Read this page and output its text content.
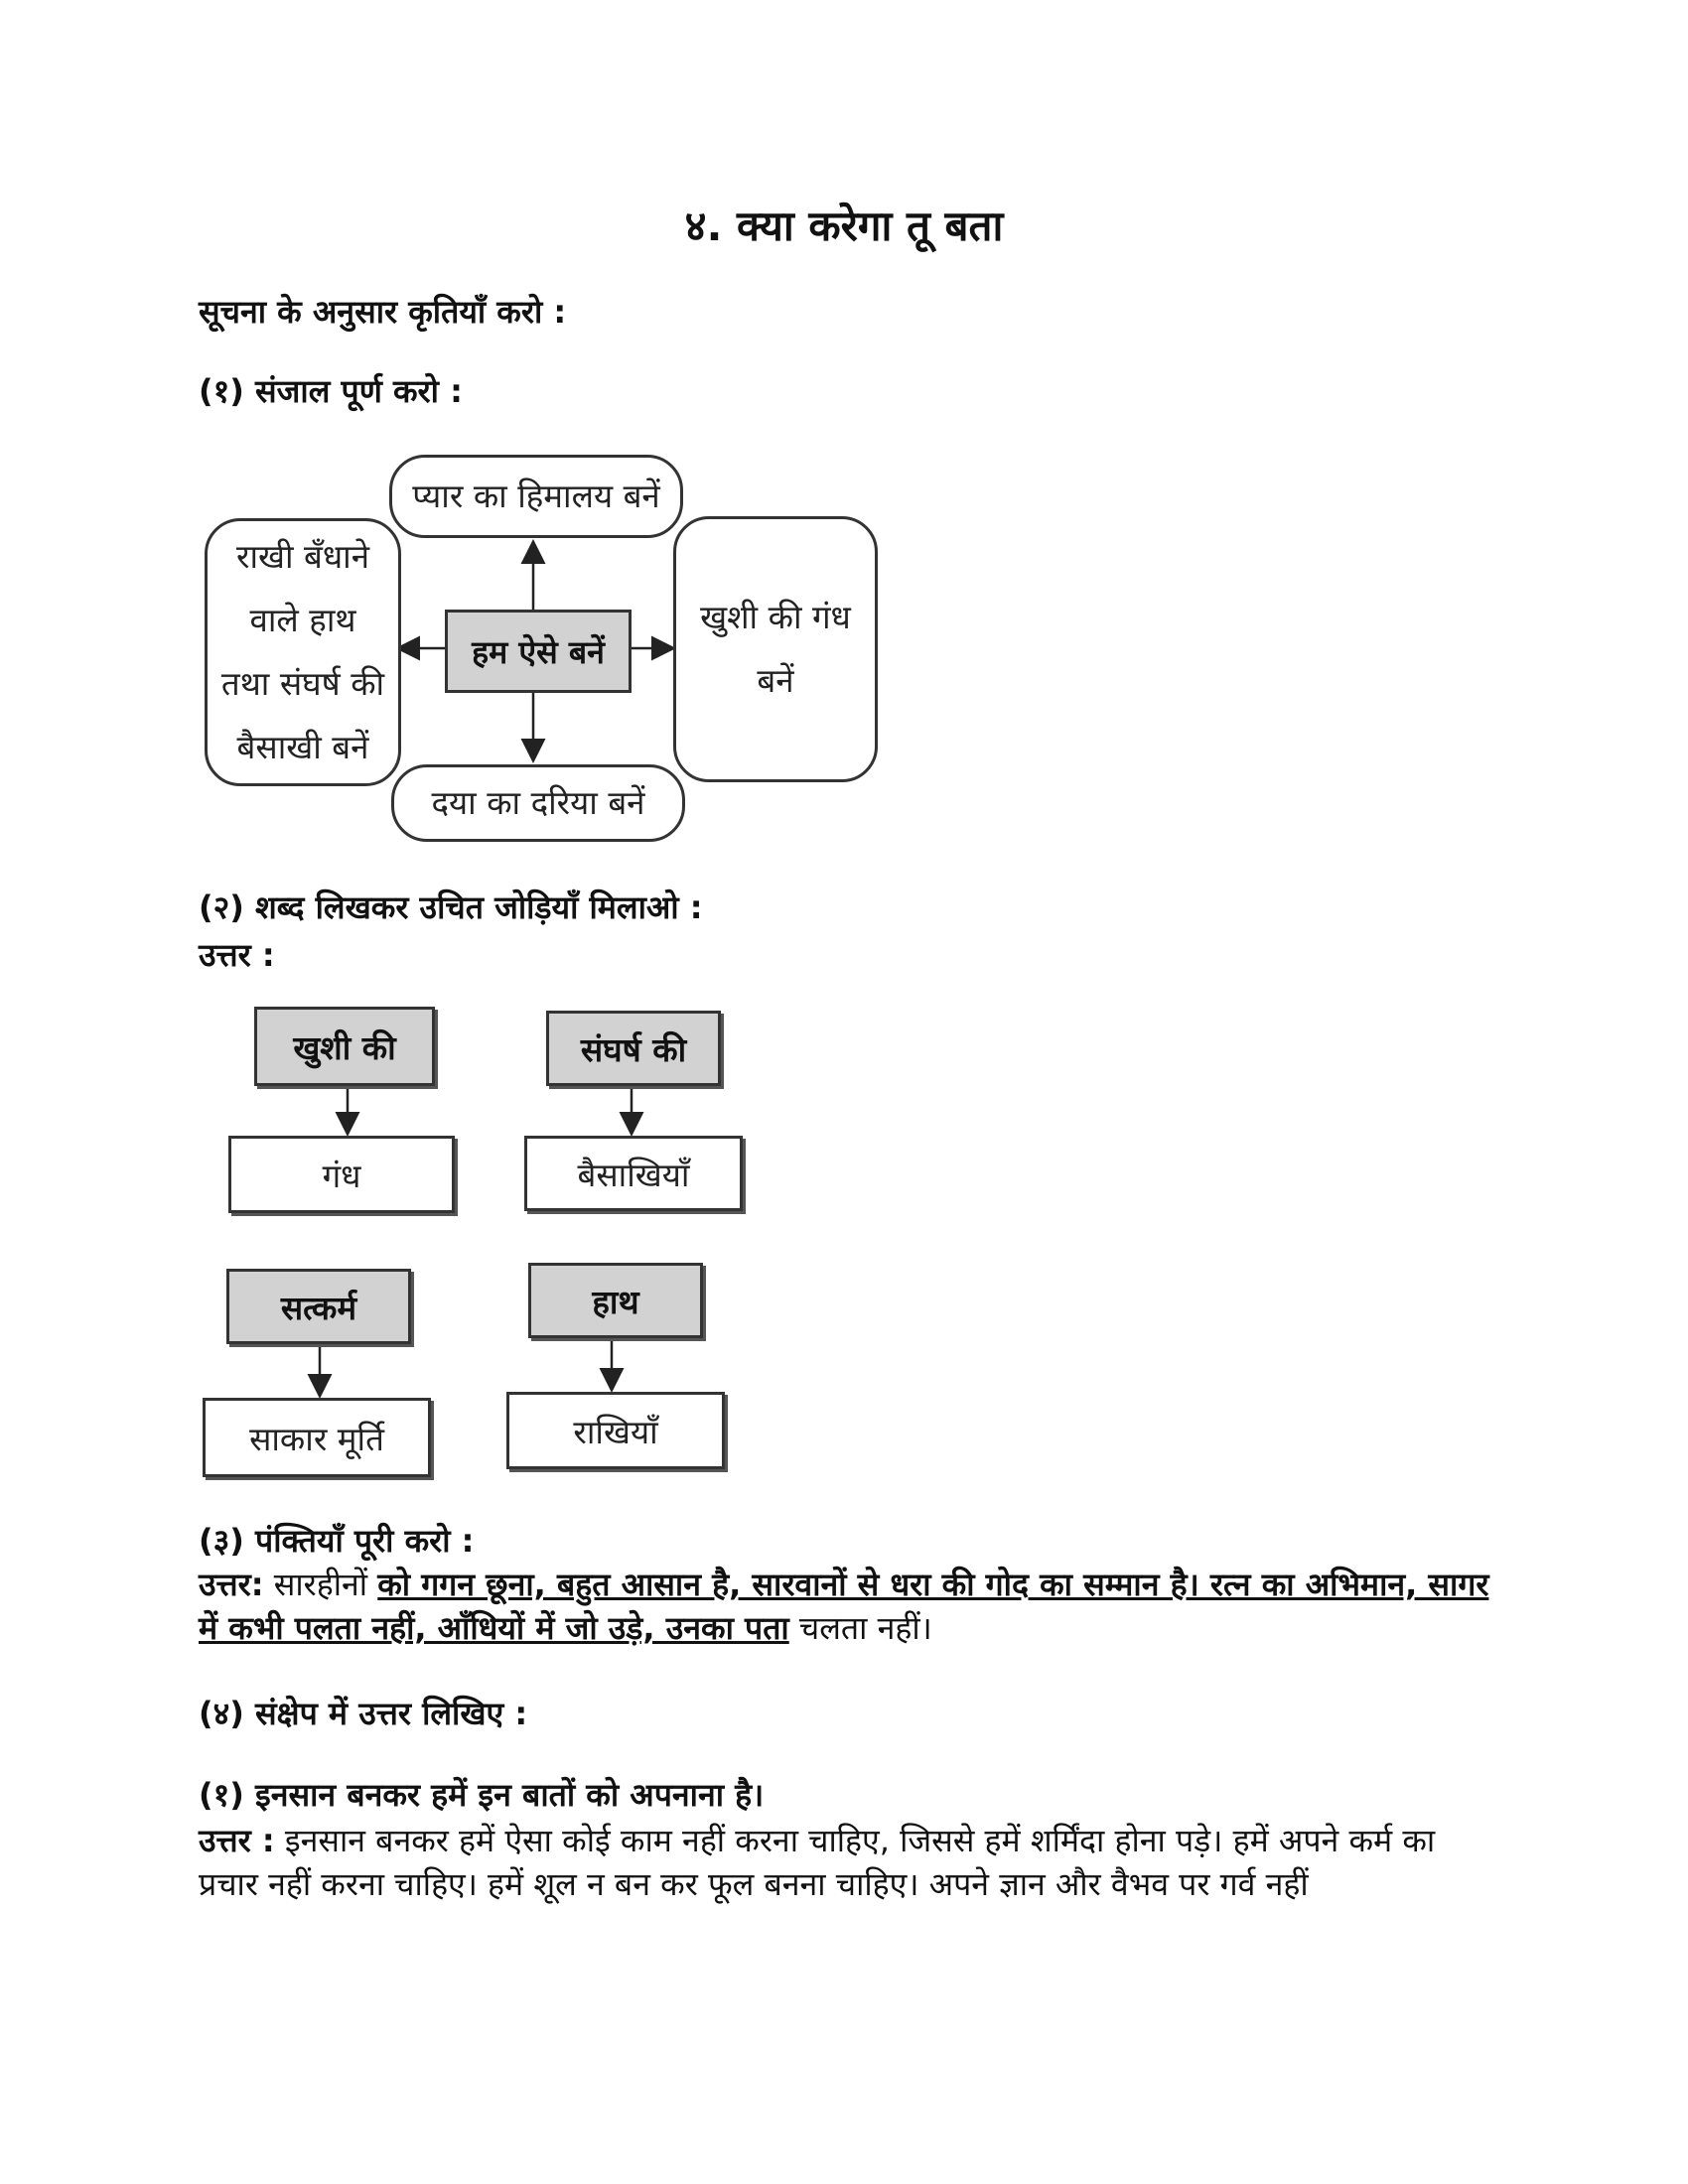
४. क्या करेगा तू बता
सूचना के अनुसार कृतियाँ करो :
(१) संजाल पूर्ण करो :
हम ऐसे बनें
प्यार का हिमालय बनें
राखी बँधाने
वाले हाथ
तथा संघर्ष की
बैसाखी बनें
खुशी की गंध
बनें
दया का दरिया बनें
(२) शब्द लिखकर उचित जोड़ियाँ मिलाओ :
उत्तर :
खुशी की
गंध
संघर्ष की
बैसाखियाँ
सत्कर्म
साकार मूर्ति
हाथ
राखियाँ
(३) पंक्तियाँ पूरी करो :
उत्तर: सारहीनों को गगन छूना, बहुत आसान है, सारवानों से धरा की गोद का सम्मान है। रत्न का अभिमान, सागर में कभी पलता नहीं, आँधियों में जो उड़े, उनका पता चलता नहीं।
(४) संक्षेप में उत्तर लिखिए :
(१) इनसान बनकर हमें इन बातों को अपनाना है।
उत्तर : इनसान बनकर हमें ऐसा कोई काम नहीं करना चाहिए, जिससे हमें शर्मिंदा होना पड़े। हमें अपने कर्म का प्रचार नहीं करना चाहिए। हमें शूल न बन कर फूल बनना चाहिए। अपने ज्ञान और वैभव पर गर्व नहीं
